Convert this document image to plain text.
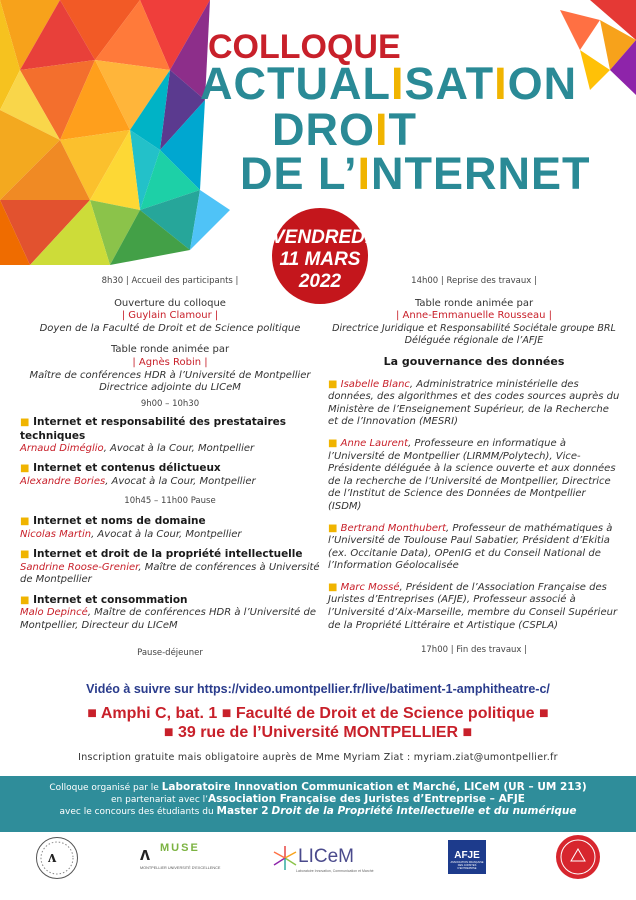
COLLOQUE
ACTUALISATION
DROIT
DE L’INTERNET
VENDREDI
11 MARS
2022

8h30 | Accueil des participants |

Ouverture du colloque

| Guylain Clamour |

Doyen de la Faculté de Droit et de Science politique

Table ronde animée par

| Agnès Robin |

Maître de conférences HDR à l’Université de Montpellier

Directrice adjointe du LICeM

9h00 – 10h30

■ Internet et responsabilité des prestataires techniques

Arnaud Diméglio, Avocat à la Cour, Montpellier

■ Internet et contenus délictueux

Alexandre Bories, Avocat à la Cour, Montpellier

10h45 – 11h00 Pause

■ Internet et noms de domaine

Nicolas Martin, Avocat à la Cour, Montpellier

■ Internet et droit de la propriété intellectuelle

Sandrine Roose-Grenier, Maître de conférences à Université de Montpellier

■ Internet et consommation

Malo Depincé, Maître de conférences HDR à l’Université de Montpellier, Directeur du LICeM

Pause-déjeuner

14h00 | Reprise des travaux |

Table ronde animée par

| Anne-Emmanuelle Rousseau |

Directrice Juridique et Responsabilité Sociétale groupe BRL

Déléguée régionale de l’AFJE

La gouvernance des données

■ Isabelle Blanc, Administratrice ministérielle des données, des algorithmes et des codes sources auprès du Ministère de l’Enseignement Supérieur, de la Recherche et de l’Innovation (MESRI)
■ Anne Laurent, Professeure en informatique à l’Université de Montpellier (LIRMM/Polytech), Vice-Présidente déléguée à la science ouverte et aux données de la recherche de l’Université de Montpellier, Directrice de l’Institut de Science des Données de Montpellier (ISDM)
■ Bertrand Monthubert, Professeur de mathématiques à l’Université de Toulouse Paul Sabatier, Président d’Ekitia (ex. Occitanie Data), OPenIG et du Conseil National de l’Information Géolocalisée
■ Marc Mossé, Président de l’Association Française des Juristes d’Entreprises (AFJE), Professeur associé à l’Université d’Aix-Marseille, membre du Conseil Supérieur de la Propriété Littéraire et Artistique (CSPLA)

17h00 | Fin des travaux |

Vidéo à suivre sur https://video.umontpellier.fr/live/batiment-1-amphitheatre-c/
■ Amphi C, bat. 1 ■ Faculté de Droit et de Science politique ■
■ 39 rue de l’Université MONTPELLIER ■
Inscription gratuite mais obligatoire auprès de Mme Myriam Ziat : myriam.ziat@umontpellier.fr
Colloque organisé par le Laboratoire Innovation Communication et Marché, LICeM (UR – UM 213)
en partenariat avec l’Association Française des Juristes d’Entreprise – AFJE
avec le concours des étudiants du Master 2 Droit de la Propriété Intellectuelle et du numérique
ᴧ	ᴧ MUSE
MONTPELLIER UNIVERSITÉ D’EXCELLENCE
LICeM
Laboratoire Innovation, Communication et Marché
AFJE
ASSOCIATION FRANÇAISE DES JURISTES D’ENTREPRISE
